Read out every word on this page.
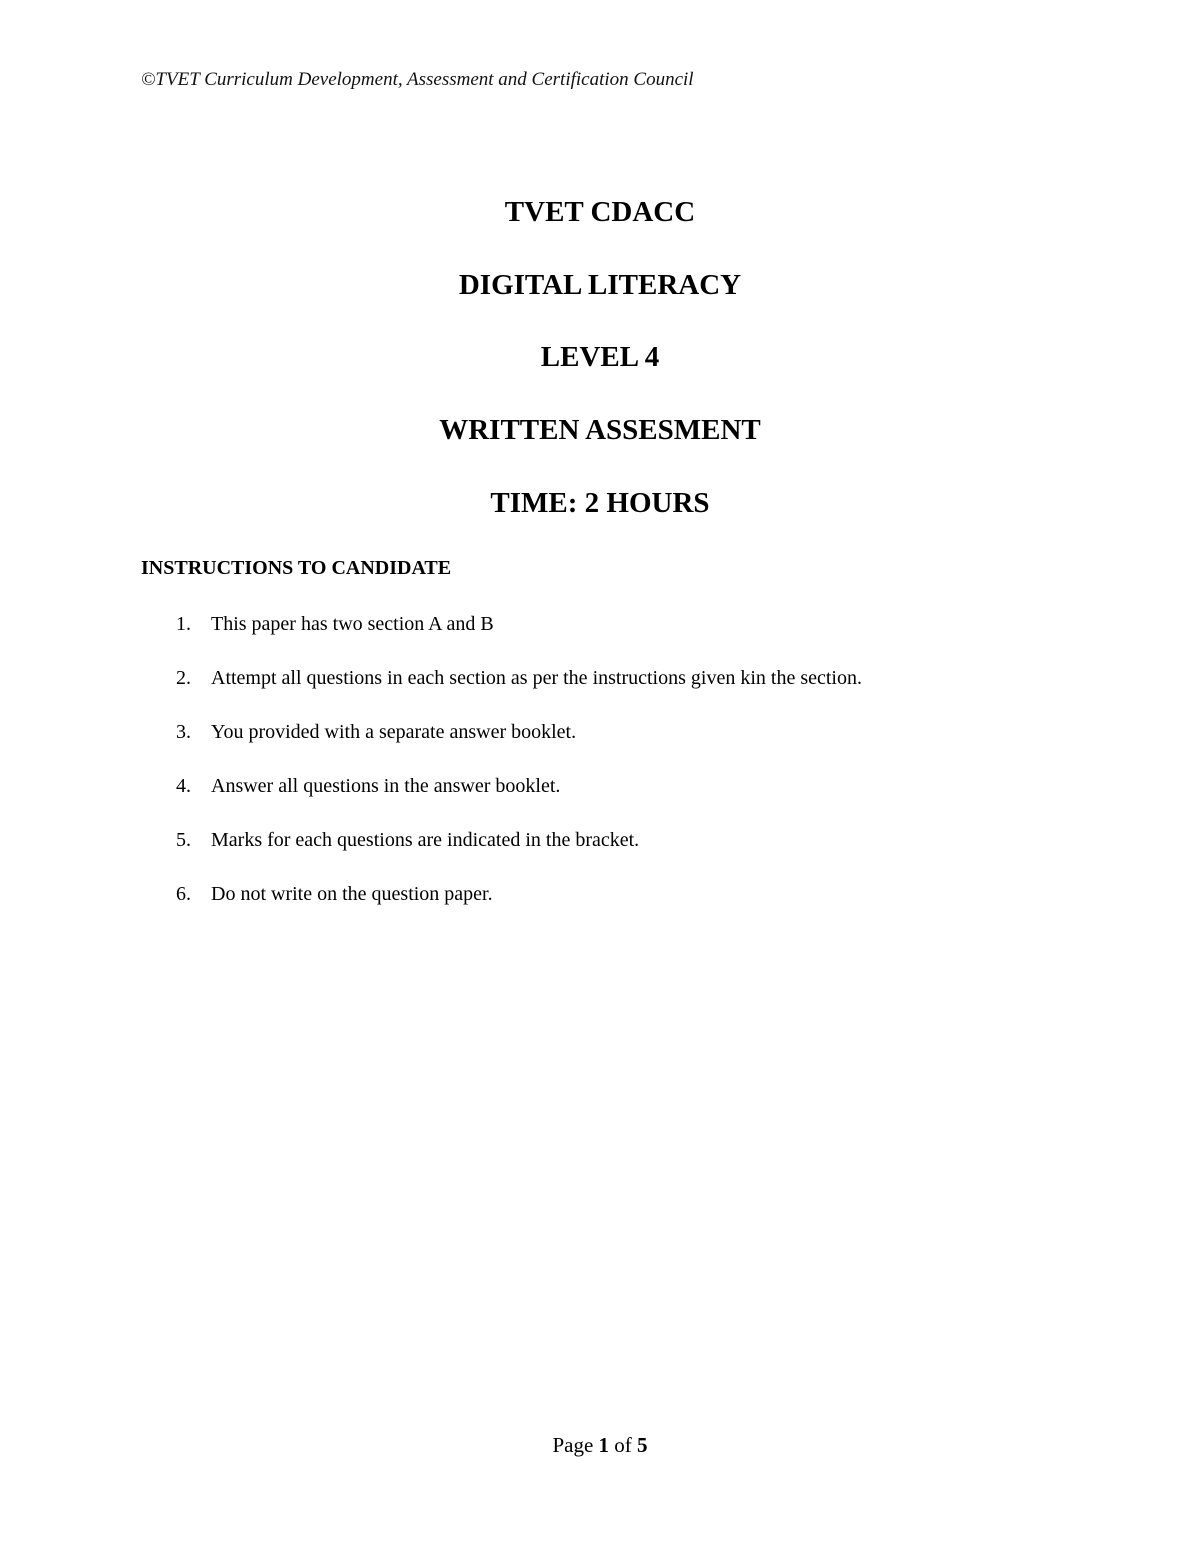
©TVET Curriculum Development, Assessment and Certification Council
TVET CDACC
DIGITAL LITERACY
LEVEL 4
WRITTEN ASSESMENT
TIME: 2 HOURS
INSTRUCTIONS TO CANDIDATE
1. This paper has two section A and B
2. Attempt all questions in each section as per the instructions given kin the section.
3. You provided with a separate answer booklet.
4. Answer all questions in the answer booklet.
5. Marks for each questions are indicated in the bracket.
6. Do not write on the question paper.
Page 1 of 5
